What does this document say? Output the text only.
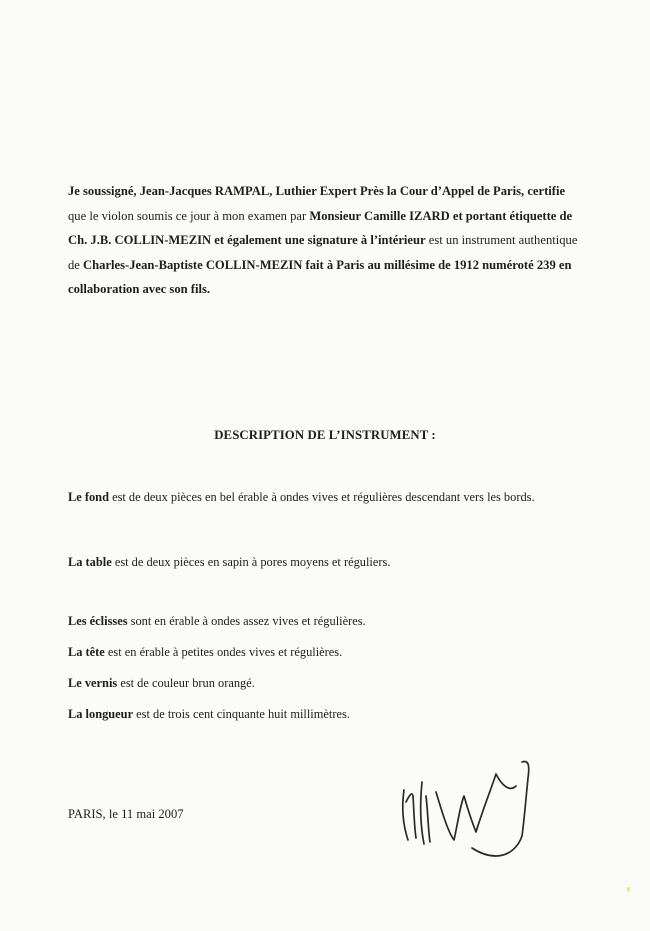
Je soussigné, Jean-Jacques RAMPAL, Luthier Expert Près la Cour d’Appel de Paris, certifie

que le violon soumis ce jour à mon examen par Monsieur Camille IZARD et portant étiquette de

Ch. J.B. COLLIN-MEZIN et également une signature à l’intérieur est un instrument authentique

de Charles-Jean-Baptiste COLLIN-MEZIN fait à Paris au millésime de 1912 numéroté 239 en

collaboration avec son fils.

DESCRIPTION DE L’INSTRUMENT :
Le fond est de deux pièces en bel érable à ondes vives et régulières descendant vers les bords.
La table est de deux pièces en sapin à pores moyens et réguliers.
Les éclisses sont en érable à ondes assez vives et régulières.
La tête est en érable à petites ondes vives et régulières.
Le vernis est de couleur brun orangé.
La longueur est de trois cent cinquante huit millimètres.
PARIS, le 11 mai 2007
